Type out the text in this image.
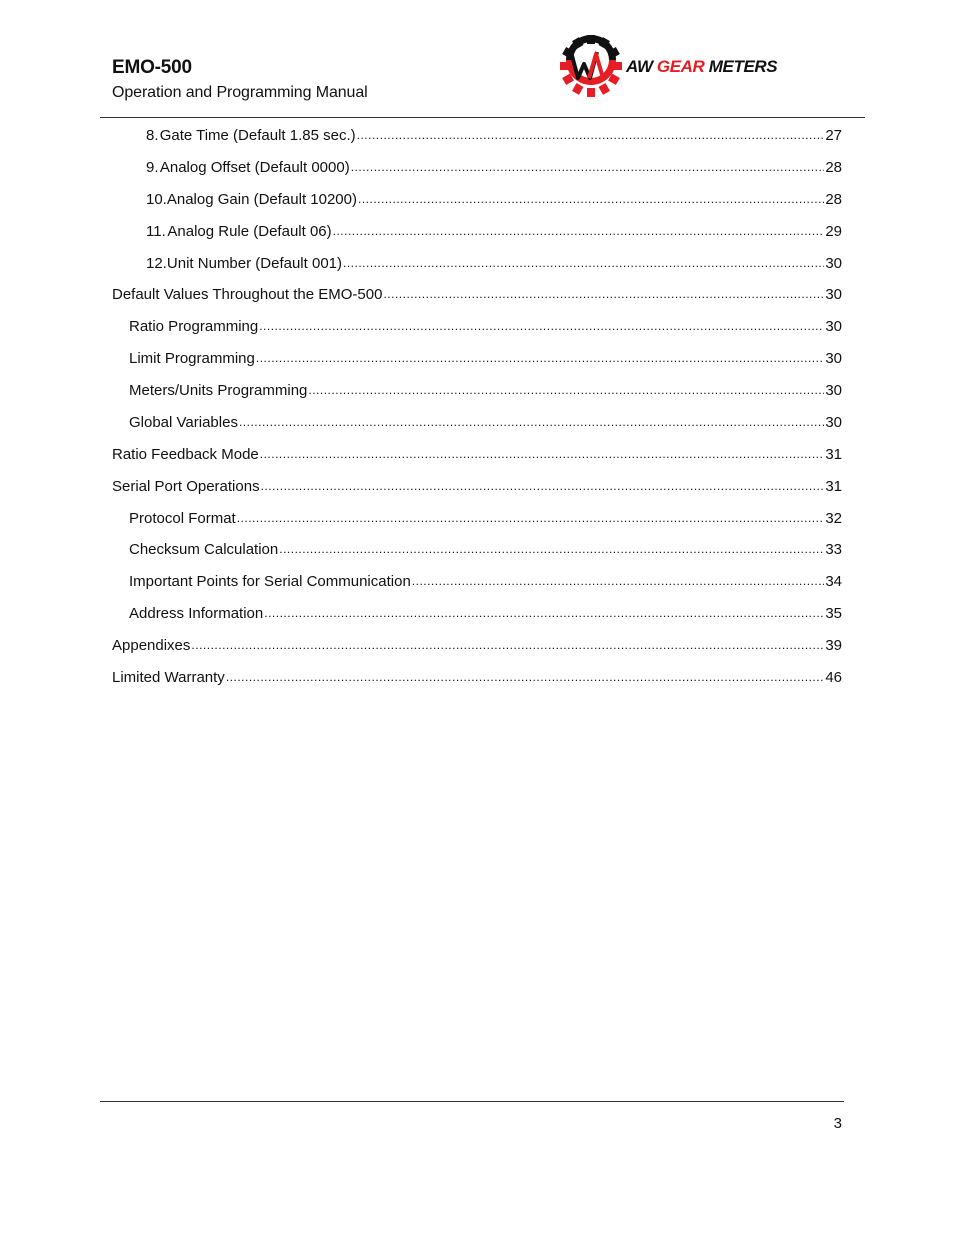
EMO-500
Operation and Programming Manual
AW GEAR METERS
8. Gate Time (Default 1.85 sec.) .....	27
9. Analog Offset (Default 0000) .....	28
10. Analog Gain (Default 10200) .....	28
11. Analog Rule (Default 06) .....	29
12. Unit Number (Default 001) .....	30
Default Values Throughout the EMO-500 .....	30
Ratio Programming .....	30
Limit Programming .....	30
Meters/Units Programming .....	30
Global Variables .....	30
Ratio Feedback Mode .....	31
Serial Port Operations .....	31
Protocol Format .....	32
Checksum Calculation .....	33
Important Points for Serial Communication .....	34
Address Information .....	35
Appendixes .....	39
Limited Warranty .....	46
3
